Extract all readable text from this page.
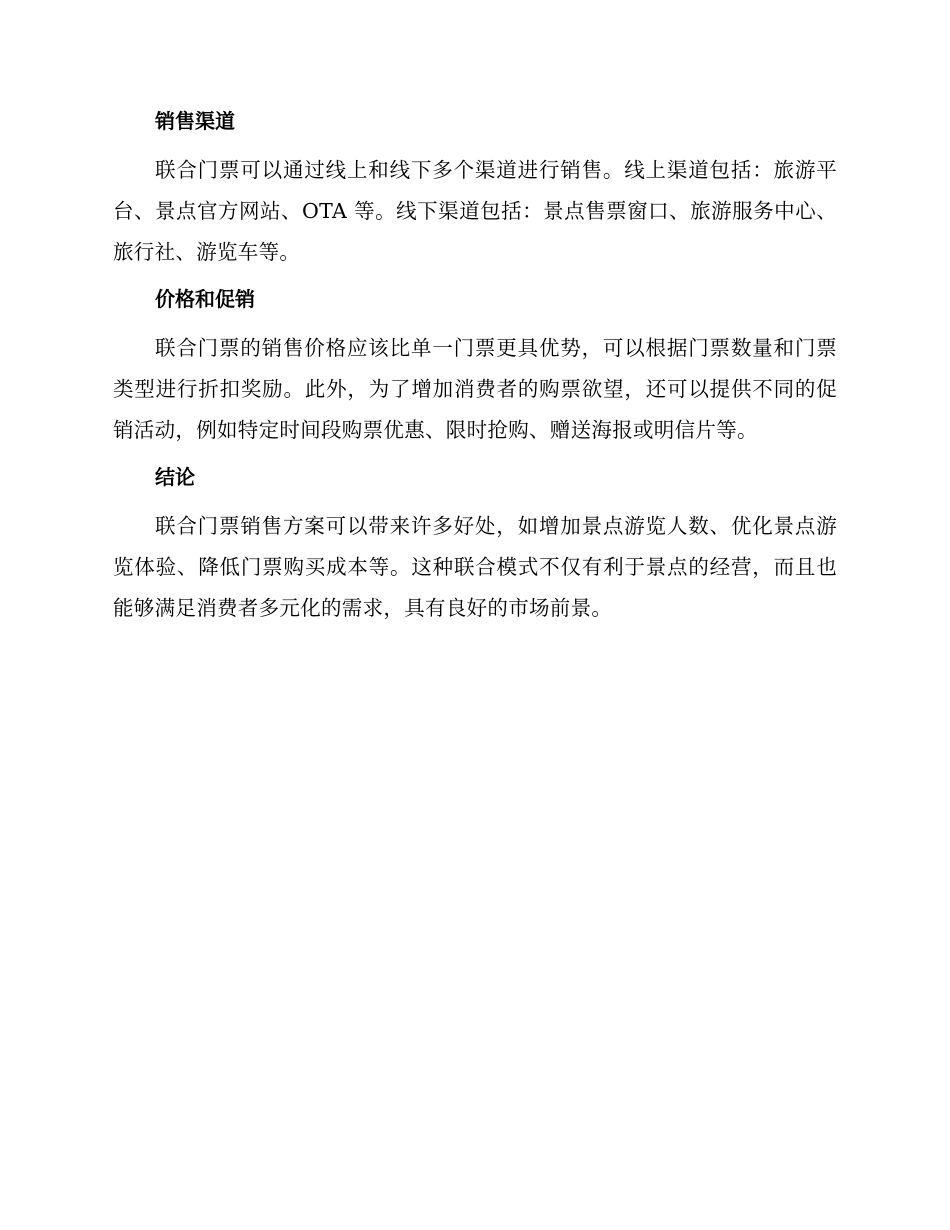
销售渠道

联合门票可以通过线上和线下多个渠道进行销售。线上渠道包括：旅游平台、景点官方网站、OTA 等。线下渠道包括：景点售票窗口、旅游服务中心、旅行社、游览车等。

价格和促销

联合门票的销售价格应该比单一门票更具优势，可以根据门票数量和门票类型进行折扣奖励。此外，为了增加消费者的购票欲望，还可以提供不同的促销活动，例如特定时间段购票优惠、限时抢购、赠送海报或明信片等。

结论

联合门票销售方案可以带来许多好处，如增加景点游览人数、优化景点游览体验、降低门票购买成本等。这种联合模式不仅有利于景点的经营，而且也能够满足消费者多元化的需求，具有良好的市场前景。
